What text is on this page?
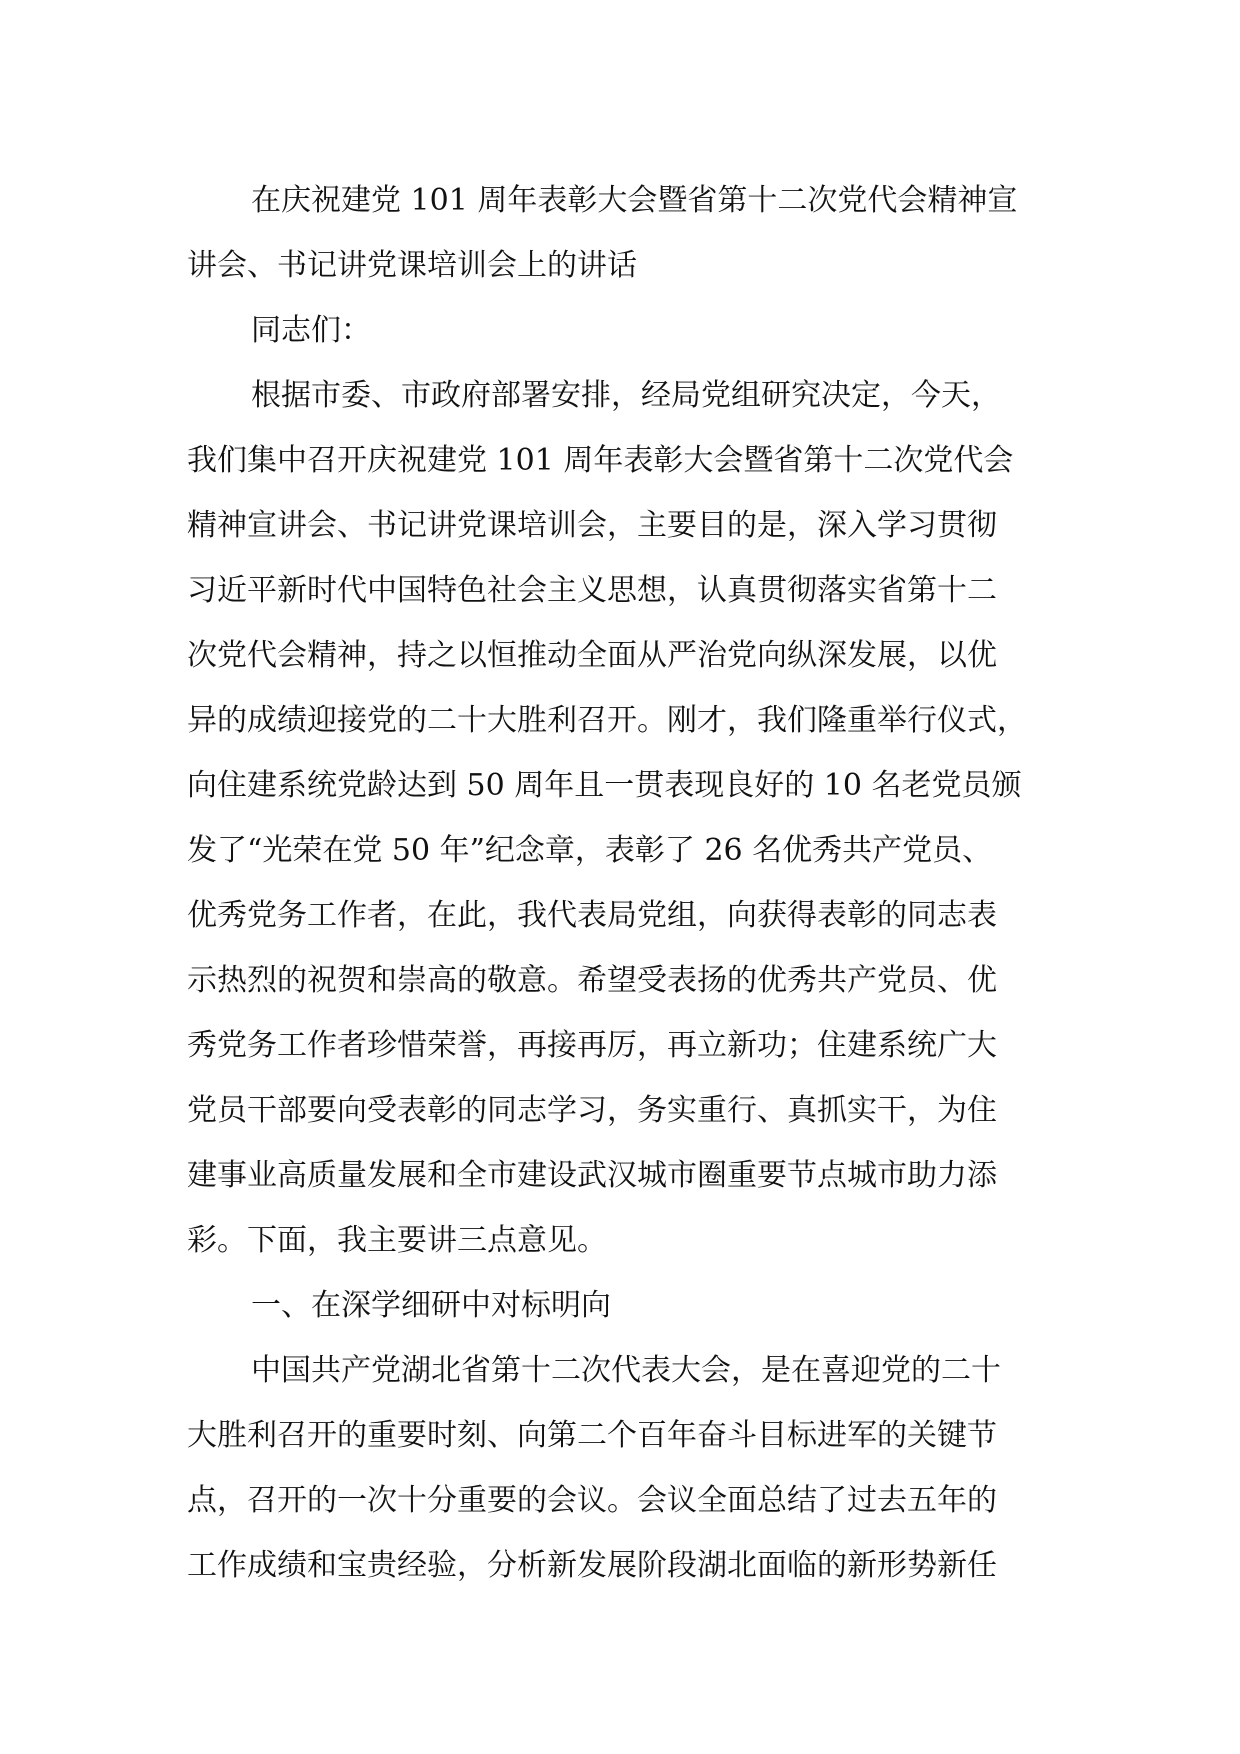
在庆祝建党 101 周年表彰大会暨省第十二次党代会精神宣
讲会、书记讲党课培训会上的讲话
同志们：
根据市委、市政府部署安排，经局党组研究决定，今天，
我们集中召开庆祝建党 101 周年表彰大会暨省第十二次党代会
精神宣讲会、书记讲党课培训会，主要目的是，深入学习贯彻
习近平新时代中国特色社会主义思想，认真贯彻落实省第十二
次党代会精神，持之以恒推动全面从严治党向纵深发展，以优
异的成绩迎接党的二十大胜利召开。刚才，我们隆重举行仪式，
向住建系统党龄达到 50 周年且一贯表现良好的 10 名老党员颁
发了“光荣在党 50 年”纪念章，表彰了 26 名优秀共产党员、
优秀党务工作者，在此，我代表局党组，向获得表彰的同志表
示热烈的祝贺和崇高的敬意。希望受表扬的优秀共产党员、优
秀党务工作者珍惜荣誉，再接再厉，再立新功；住建系统广大
党员干部要向受表彰的同志学习，务实重行、真抓实干，为住
建事业高质量发展和全市建设武汉城市圈重要节点城市助力添
彩。下面，我主要讲三点意见。
一、在深学细研中对标明向
中国共产党湖北省第十二次代表大会，是在喜迎党的二十
大胜利召开的重要时刻、向第二个百年奋斗目标进军的关键节
点，召开的一次十分重要的会议。会议全面总结了过去五年的
工作成绩和宝贵经验，分析新发展阶段湖北面临的新形势新任
